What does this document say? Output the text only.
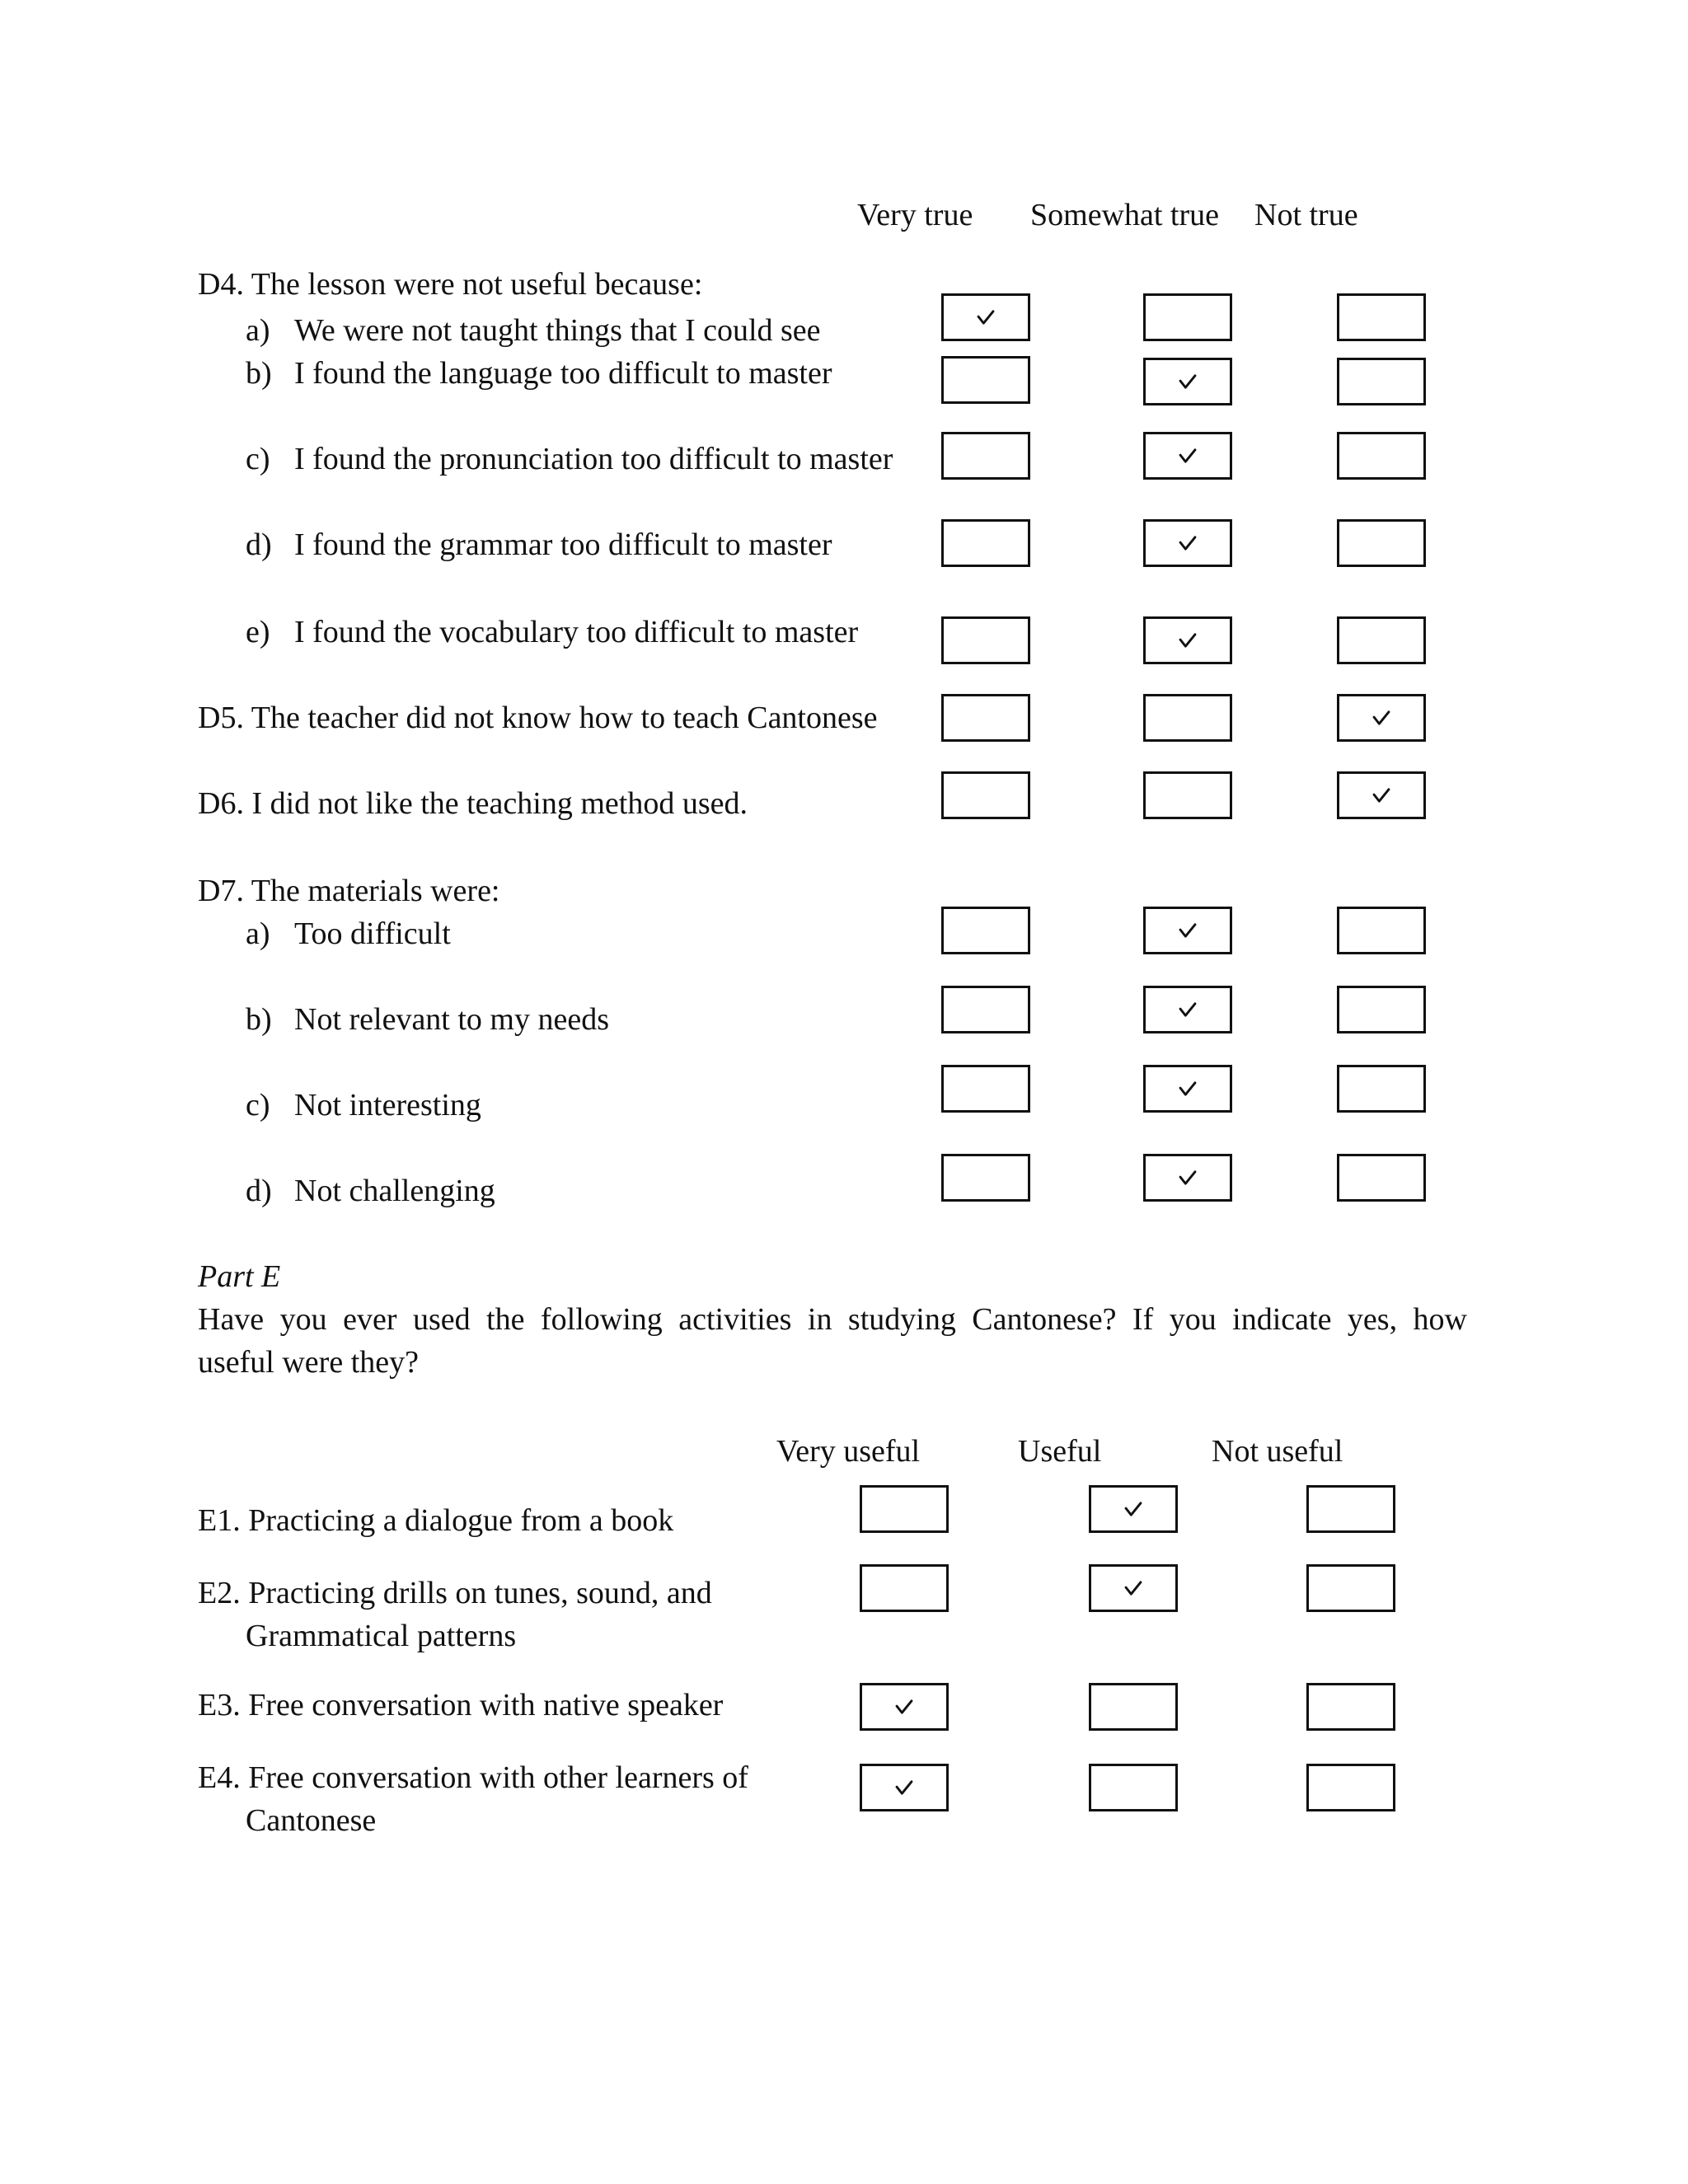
Very true Somewhat true Not true
D4. The lesson were not useful because:
a) We were not taught things that I could see
b) I found the language too difficult to master
c) I found the pronunciation too difficult to master
d) I found the grammar too difficult to master
e) I found the vocabulary too difficult to master
D5. The teacher did not know how to teach Cantonese
D6. I did not like the teaching method used.
D7. The materials were:
a) Too difficult
b) Not relevant to my needs
c) Not interesting
d) Not challenging
Part E
Have you ever used the following activities in studying Cantonese? If you indicate yes, how
useful were they?
Very useful	Useful	Not useful
E1. Practicing a dialogue from a book
E2. Practicing drills on tunes, sound, and
Grammatical patterns
E3. Free conversation with native speaker
E4. Free conversation with other learners of
Cantonese
